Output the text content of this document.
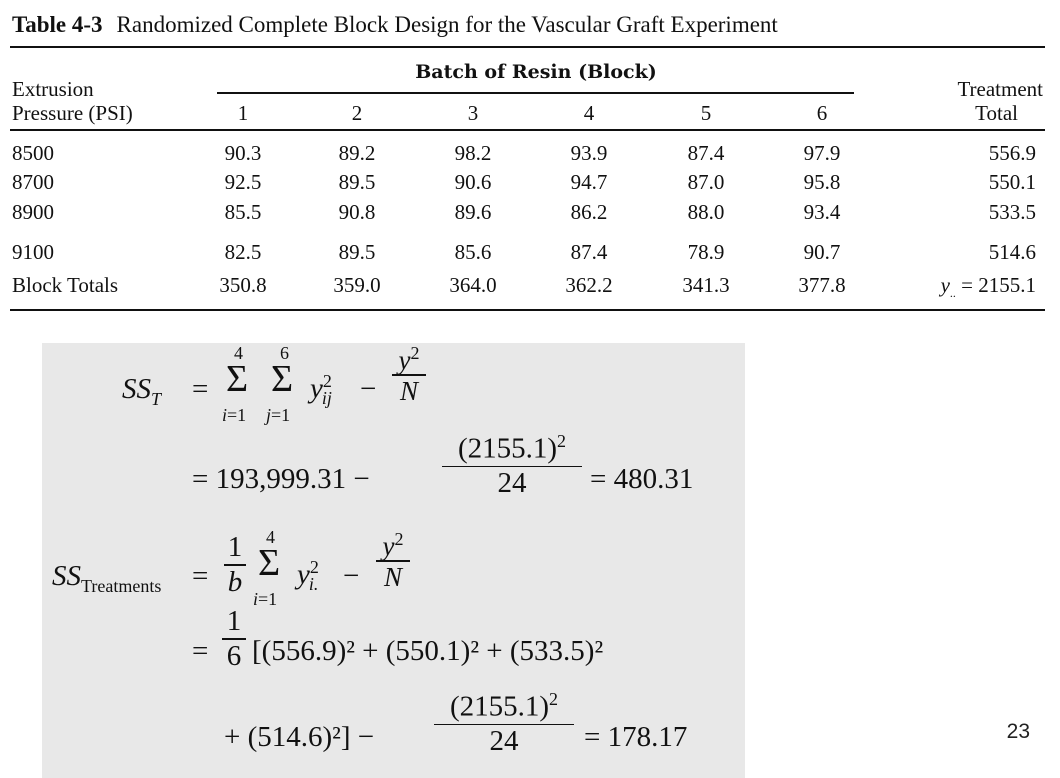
Table 4-3 Randomized Complete Block Design for the Vascular Graft Experiment
Extrusion
Pressure (PSI)
Batch of Resin (Block)
Treatment
Total
1	2	3	4	5	6
8500	90.3	89.2	98.2	93.9	87.4	97.9	556.9
8700	92.5	89.5	90.6	94.7	87.0	95.8	550.1
8900	85.5	90.8	89.6	86.2	88.0	93.4	533.5
9100	82.5	89.5	85.6	87.4	78.9	90.7	514.6
Block Totals	350.8	359.0	364.0	362.2	341.3	377.8	$y_{..} = 2155.1$
$SS_T$ =
4
Σ
i=1
6
Σ
j=1
$y^2_{ij}$ −
$y^2$
N
= 193,999.31 −
$(2155.1)^2$
24	= 480.31
$SS_{Treatments}$ =
1
b
4
Σ
i=1
$y^2_{i.}$ −
$y^2$
N
=
1
6 [(556.9)² + (550.1)² + (533.5)²
+ (514.6)²] −
$(2155.1)^2$
24	= 178.17	23
